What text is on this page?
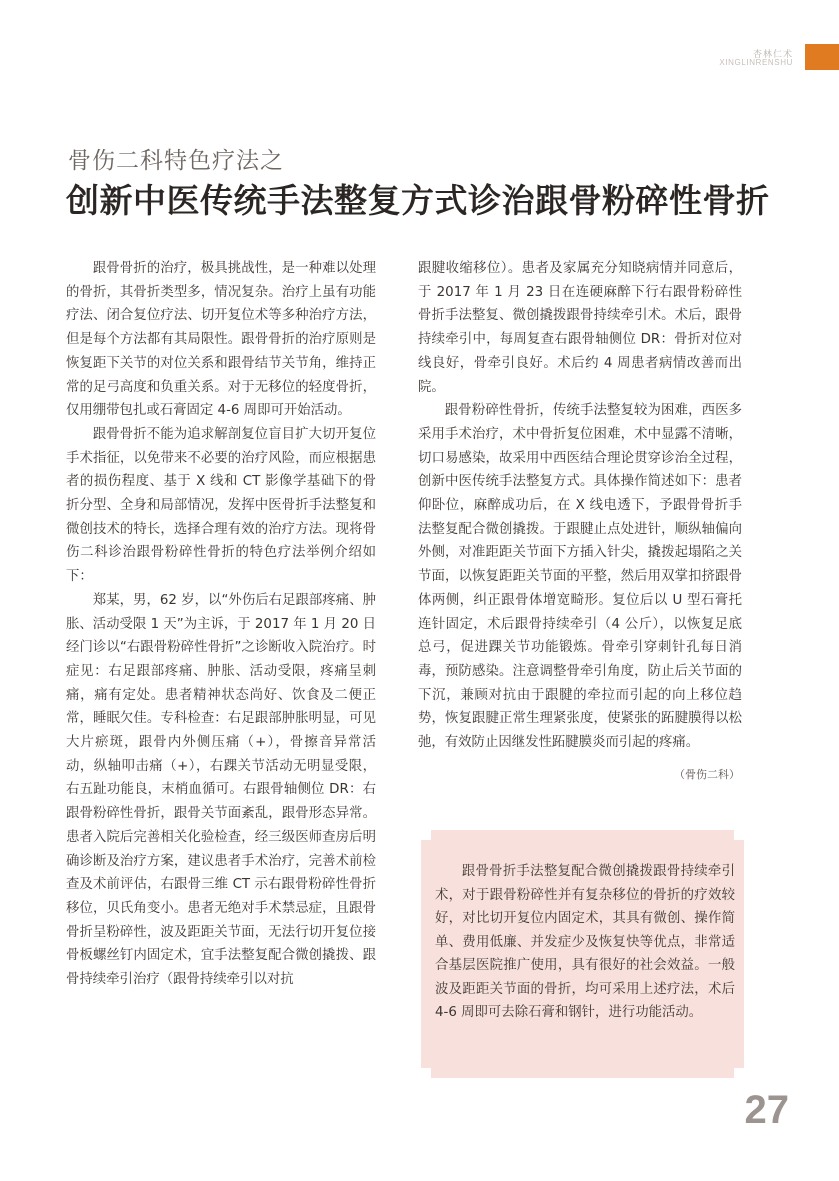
杏林仁术
XINGLINRENSHU
骨伤二科特色疗法之
创新中医传统手法整复方式诊治跟骨粉碎性骨折

跟骨骨折的治疗，极具挑战性，是一种难以处理的骨折，其骨折类型多，情况复杂。治疗上虽有功能疗法、闭合复位疗法、切开复位术等多种治疗方法，但是每个方法都有其局限性。跟骨骨折的治疗原则是恢复距下关节的对位关系和跟骨结节关节角，维持正常的足弓高度和负重关系。对于无移位的轻度骨折，仅用绷带包扎或石膏固定 4-6 周即可开始活动。

跟骨骨折不能为追求解剖复位盲目扩大切开复位手术指征，以免带来不必要的治疗风险，而应根据患者的损伤程度、基于 X 线和 CT 影像学基础下的骨折分型、全身和局部情况，发挥中医骨折手法整复和微创技术的特长，选择合理有效的治疗方法。现将骨伤二科诊治跟骨粉碎性骨折的特色疗法举例介绍如下：

郑某，男，62 岁，以“外伤后右足跟部疼痛、肿胀、活动受限 1 天”为主诉，于 2017 年 1 月 20 日经门诊以“右跟骨粉碎性骨折”之诊断收入院治疗。时症见：右足跟部疼痛、肿胀、活动受限，疼痛呈刺痛，痛有定处。患者精神状态尚好、饮食及二便正常，睡眠欠佳。专科检查：右足跟部肿胀明显，可见大片瘀斑，跟骨内外侧压痛（+），骨擦音异常活动，纵轴叩击痛（+），右踝关节活动无明显受限，右五趾功能良，末梢血循可。右跟骨轴侧位 DR：右跟骨粉碎性骨折，跟骨关节面紊乱，跟骨形态异常。患者入院后完善相关化验检查，经三级医师查房后明确诊断及治疗方案，建议患者手术治疗，完善术前检查及术前评估，右跟骨三维 CT 示右跟骨粉碎性骨折移位，贝氏角变小。患者无绝对手术禁忌症，且跟骨骨折呈粉碎性，波及距距关节面，无法行切开复位接骨板螺丝钉内固定术，宜手法整复配合微创撬拨、跟骨持续牵引治疗（跟骨持续牵引以对抗

跟腱收缩移位）。患者及家属充分知晓病情并同意后，于 2017 年 1 月 23 日在连硬麻醉下行右跟骨粉碎性骨折手法整复、微创撬拨跟骨持续牵引术。术后，跟骨持续牵引中，每周复查右跟骨轴侧位 DR：骨折对位对线良好，骨牵引良好。术后约 4 周患者病情改善而出院。

跟骨粉碎性骨折，传统手法整复较为困难，西医多采用手术治疗，术中骨折复位困难，术中显露不清晰，切口易感染，故采用中西医结合理论贯穿诊治全过程，创新中医传统手法整复方式。具体操作简述如下：患者仰卧位，麻醉成功后，在 X 线电透下，予跟骨骨折手法整复配合微创撬拨。于跟腱止点处进针，顺纵轴偏向外侧，对准距距关节面下方插入针尖，撬拨起塌陷之关节面，以恢复距距关节面的平整，然后用双掌扣挤跟骨体两侧，纠正跟骨体增宽畸形。复位后以 U 型石膏托连针固定，术后跟骨持续牵引（4 公斤），以恢复足底总弓，促进踝关节功能锻炼。骨牵引穿刺针孔每日消毒，预防感染。注意调整骨牵引角度，防止后关节面的下沉，兼顾对抗由于跟腱的牵拉而引起的向上移位趋势，恢复跟腱正常生理紧张度，使紧张的跖腱膜得以松弛，有效防止因继发性跖腱膜炎而引起的疼痛。

（骨伤二科）

跟骨骨折手法整复配合微创撬拨跟骨持续牵引术，对于跟骨粉碎性并有复杂移位的骨折的疗效较好，对比切开复位内固定术，其具有微创、操作简单、费用低廉、并发症少及恢复快等优点，非常适合基层医院推广使用，具有很好的社会效益。一般波及距距关节面的骨折，均可采用上述疗法，术后 4-6 周即可去除石膏和钢针，进行功能活动。

27
